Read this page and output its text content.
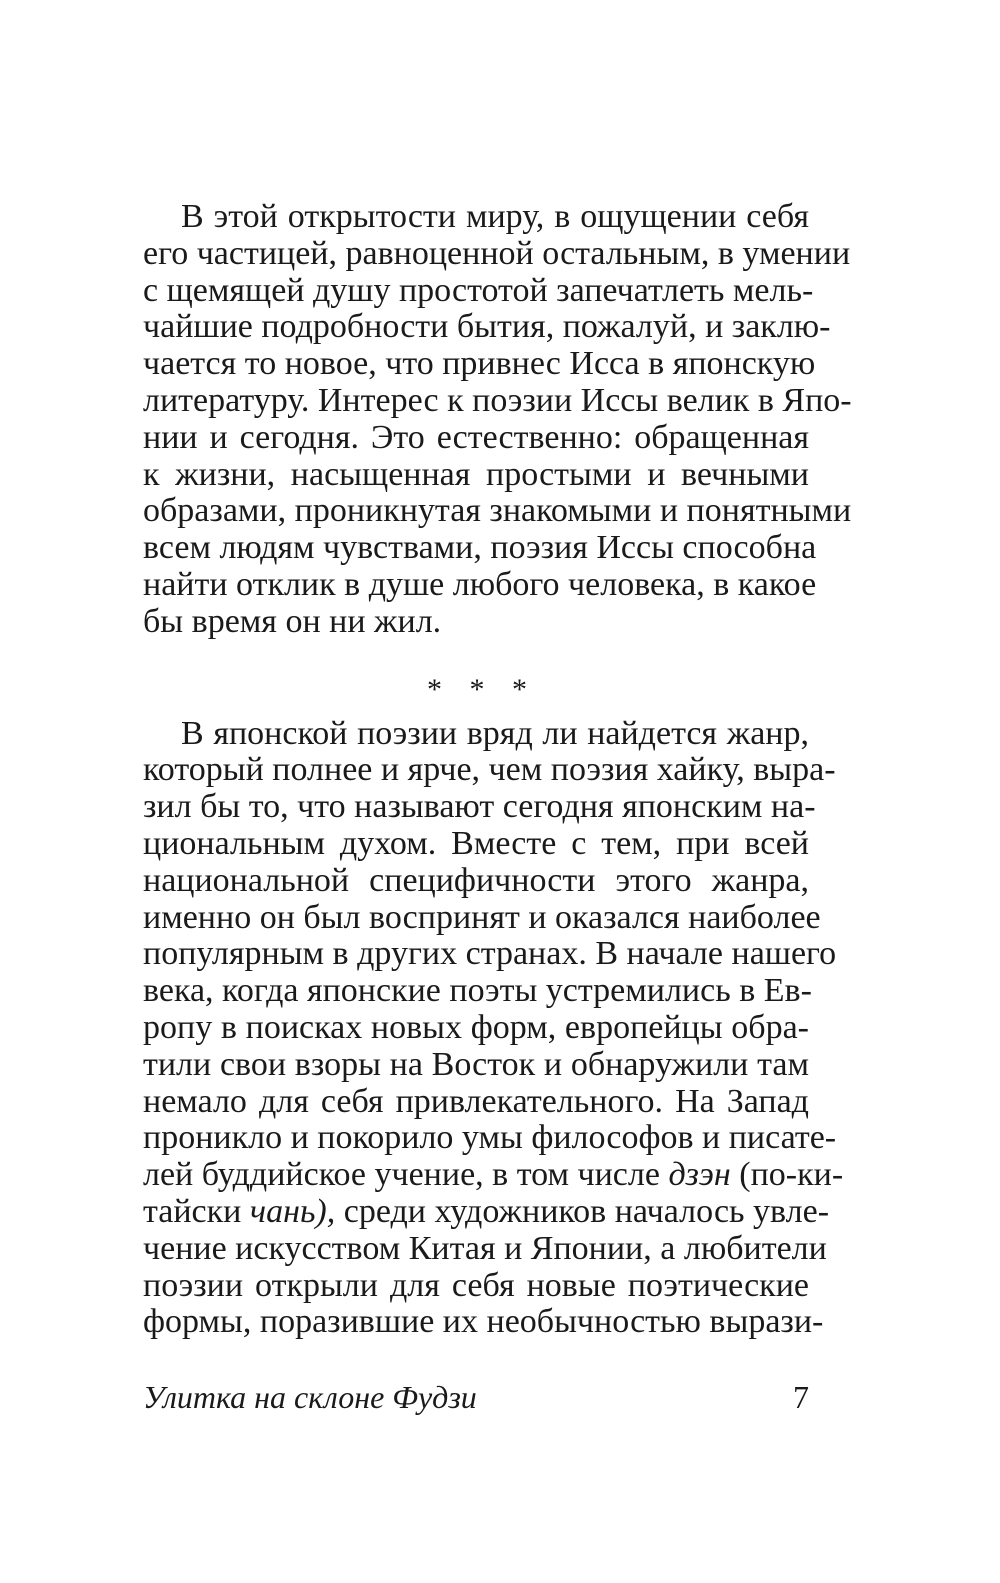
В этой открытости миру, в ощущении себя
его частицей, равноценной остальным, в умении
с щемящей душу простотой запечатлеть мель-
чайшие подробности бытия, пожалуй, и заклю-
чается то новое, что привнес Исса в японскую
литературу. Интерес к поэзии Иссы велик в Япо-
нии и сегодня. Это естественно: обращенная
к жизни, насыщенная простыми и вечными
образами, проникнутая знакомыми и понятными
всем людям чувствами, поэзия Иссы способна
найти отклик в душе любого человека, в какое
бы время он ни жил.

* * *

В японской поэзии вряд ли найдется жанр,
который полнее и ярче, чем поэзия хайку, выра-
зил бы то, что называют сегодня японским на-
циональным духом. Вместе с тем, при всей
национальной специфичности этого жанра,
именно он был воспринят и оказался наиболее
популярным в других странах. В начале нашего
века, когда японские поэты устремились в Ев-
ропу в поисках новых форм, европейцы обра-
тили свои взоры на Восток и обнаружили там
немало для себя привлекательного. На Запад
проникло и покорило умы философов и писате-
лей буддийское учение, в том числе дзэн (по-ки-
тайски чань), среди художников началось увле-
чение искусством Китая и Японии, а любители
поэзии открыли для себя новые поэтические
формы, поразившие их необычностью вырази-

Улитка на склоне Фудзи	7
